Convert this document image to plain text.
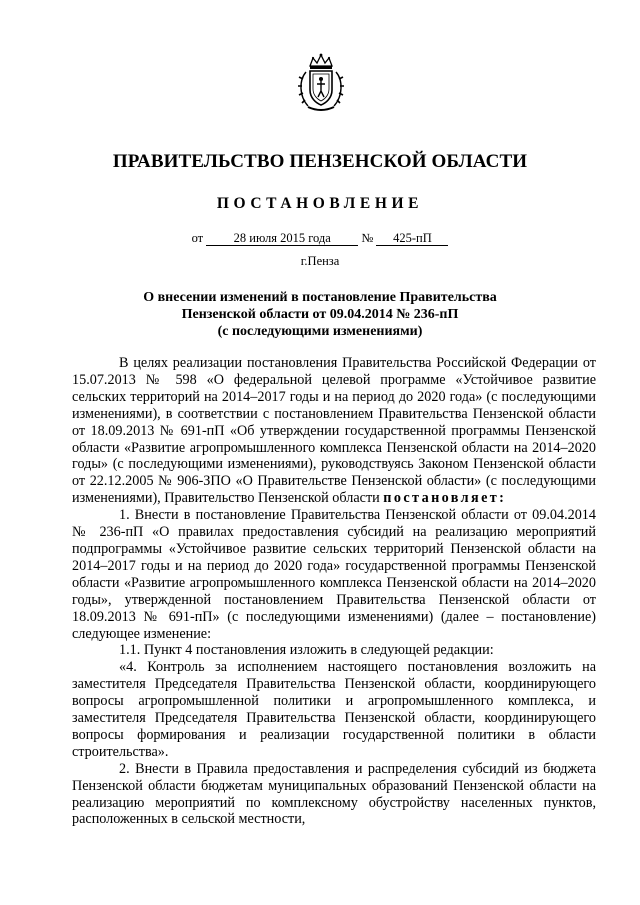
ПРАВИТЕЛЬСТВО ПЕНЗЕНСКОЙ ОБЛАСТИ
ПОСТАНОВЛЕНИЕ
от 28 июля 2015 года № 425-пП
г.Пенза
О внесении изменений в постановление Правительства
Пензенской области от 09.04.2014 № 236-пП
(с последующими изменениями)

В целях реализации постановления Правительства Российской Федерации от 15.07.2013 № 598 «О федеральной целевой программе «Устойчивое развитие сельских территорий на 2014–2017 годы и на период до 2020 года» (с последующими изменениями), в соответствии с постановлением Правительства Пензенской области от 18.09.2013 № 691-пП «Об утверждении государственной программы Пензенской области «Развитие агропромышленного комплекса Пензенской области на 2014–2020 годы» (с последующими изменениями), руководствуясь Законом Пензенской области от 22.12.2005 № 906-ЗПО «О Правительстве Пензенской области» (с последующими изменениями), Правительство Пензенской области постановляет:

1. Внести в постановление Правительства Пензенской области от 09.04.2014 № 236-пП «О правилах предоставления субсидий на реализацию мероприятий подпрограммы «Устойчивое развитие сельских территорий Пензенской области на 2014–2017 годы и на период до 2020 года» государственной программы Пензенской области «Развитие агропромышленного комплекса Пензенской области на 2014–2020 годы», утвержденной постановлением Правительства Пензенской области от 18.09.2013 № 691-пП» (с последующими изменениями) (далее – постановление) следующее изменение:

1.1. Пункт 4 постановления изложить в следующей редакции:

«4. Контроль за исполнением настоящего постановления возложить на заместителя Председателя Правительства Пензенской области, координирующего вопросы агропромышленной политики и агропромышленного комплекса, и заместителя Председателя Правительства Пензенской области, координирующего вопросы формирования и реализации государственной политики в области строительства».

2. Внести в Правила предоставления и распределения субсидий из бюджета Пензенской области бюджетам муниципальных образований Пензенской области на реализацию мероприятий по комплексному обустройству населенных пунктов, расположенных в сельской местности,
